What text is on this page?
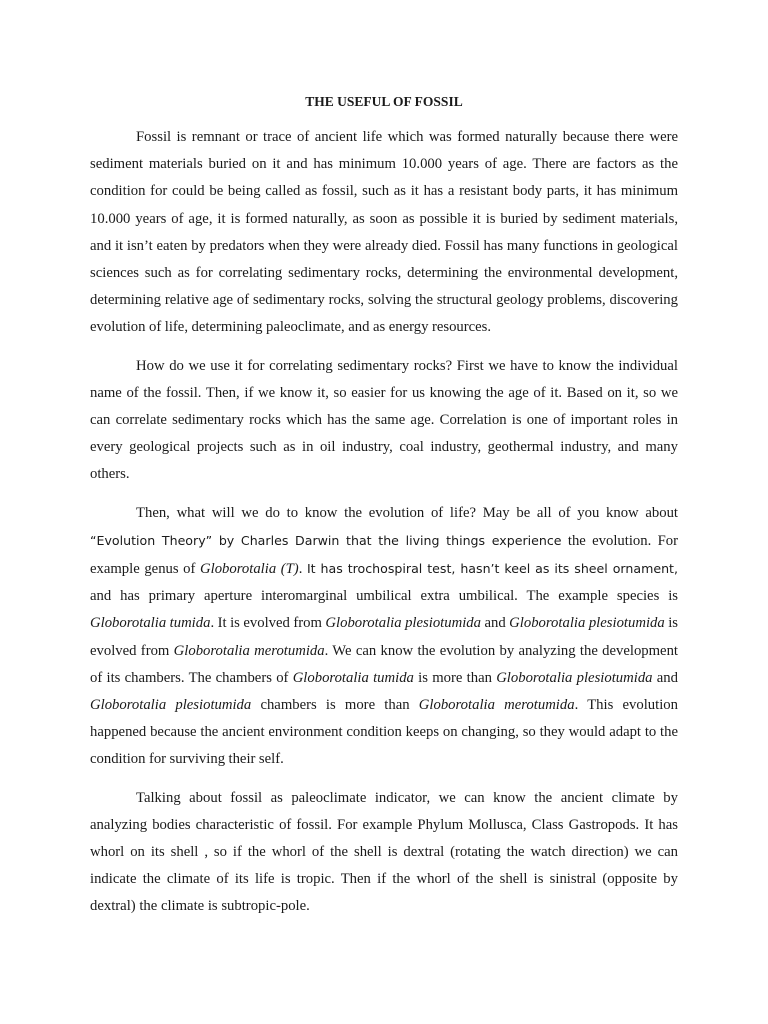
THE USEFUL OF FOSSIL

Fossil is remnant or trace of ancient life which was formed naturally because there were sediment materials buried on it and has minimum 10.000 years of age. There are factors as the condition for could be being called as fossil, such as it has a resistant body parts, it has minimum 10.000 years of age, it is formed naturally, as soon as possible it is buried by sediment materials, and it isn’t eaten by predators when they were already died. Fossil has many functions in geological sciences such as for correlating sedimentary rocks, determining the environmental development, determining relative age of sedimentary rocks, solving the structural geology problems, discovering evolution of life, determining paleoclimate, and as energy resources.

How do we use it for correlating sedimentary rocks? First we have to know the individual name of the fossil. Then, if we know it, so easier for us knowing the age of it. Based on it, so we can correlate sedimentary rocks which has the same age. Correlation is one of important roles in every geological projects such as in oil industry, coal industry, geothermal industry, and many others.

Then, what will we do to know the evolution of life? May be all of you know about “Evolution Theory” by Charles Darwin that the living things experience the evolution. For example genus of Globorotalia (T). It has trochospiral test, hasn’t keel as its sheel ornament, and has primary aperture interomarginal umbilical extra umbilical. The example species is Globorotalia tumida. It is evolved from Globorotalia plesiotumida and Globorotalia plesiotumida is evolved from Globorotalia merotumida. We can know the evolution by analyzing the development of its chambers. The chambers of Globorotalia tumida is more than Globorotalia plesiotumida and Globorotalia plesiotumida chambers is more than Globorotalia merotumida. This evolution happened because the ancient environment condition keeps on changing, so they would adapt to the condition for surviving their self.

Talking about fossil as paleoclimate indicator, we can know the ancient climate by analyzing bodies characteristic of fossil. For example Phylum Mollusca, Class Gastropods. It has whorl on its shell , so if the whorl of the shell is dextral (rotating the watch direction) we can indicate the climate of its life is tropic. Then if the whorl of the shell is sinistral (opposite by dextral) the climate is subtropic-pole.
